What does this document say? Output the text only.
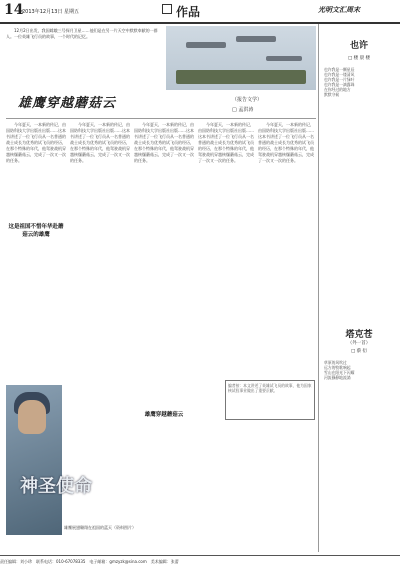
14
2013年12月13日 星期五	作品	光明文汇周末
12月2日出发，我国嫦娥三号探月卫星……他们是在另一片天空中默默奉献的一群人。一位英雄飞行员的故事，一个时代的记忆。
雄鹰穿越蘑菇云	（报告文学）
□ 孟洪涛
今年夏天，一本新的传记，由国防科技大学出版社出版……这本书讲述了一位飞行员从一名普通的战士成长为优秀的试飞员的经历，在那个特殊的年代，他驾驶战机穿越核爆蘑菇云，完成了一次又一次的任务。
这是祖国不惜年华赴蘑菇云的雄鹰
今年夏天，一本新的传记，由国防科技大学出版社出版……这本书讲述了一位飞行员从一名普通的战士成长为优秀的试飞员的经历，在那个特殊的年代，他驾驶战机穿越核爆蘑菇云，完成了一次又一次的任务。
今年夏天，一本新的传记，由国防科技大学出版社出版……这本书讲述了一位飞行员从一名普通的战士成长为优秀的试飞员的经历，在那个特殊的年代，他驾驶战机穿越核爆蘑菇云，完成了一次又一次的任务。
今年夏天，一本新的传记，由国防科技大学出版社出版……这本书讲述了一位飞行员从一名普通的战士成长为优秀的试飞员的经历，在那个特殊的年代，他驾驶战机穿越核爆蘑菇云，完成了一次又一次的任务。
今年夏天，一本新的传记，由国防科技大学出版社出版……这本书讲述了一位飞行员从一名普通的战士成长为优秀的试飞员的经历，在那个特殊的年代，他驾驶战机穿越核爆蘑菇云，完成了一次又一次的任务。
雄鹰穿越蘑菇云
编者按：本文讲述了英雄试飞员的故事，他为国家核试验事业做出了重要贡献。
神圣使命
雄鹰展翅翱翔在祖国的蓝天（资料图片）
也许
□ 楼 晨 楼
也许我是一颗星辰
也许我是一缕清风
也许我是一片绿叶
也许我是一滴露珠
在你经过的地方
默默守候
塔克苍
（外一首）
□ 蔡 衍
草原的风吹过
远方的牧歌响起
雪山在阳光下闪耀
河流静静地流淌
责任编辑：刘小珍　联系电话：010-67078335　电子邮箱：gmzyzk@sina.com　美术编辑：张蕾
